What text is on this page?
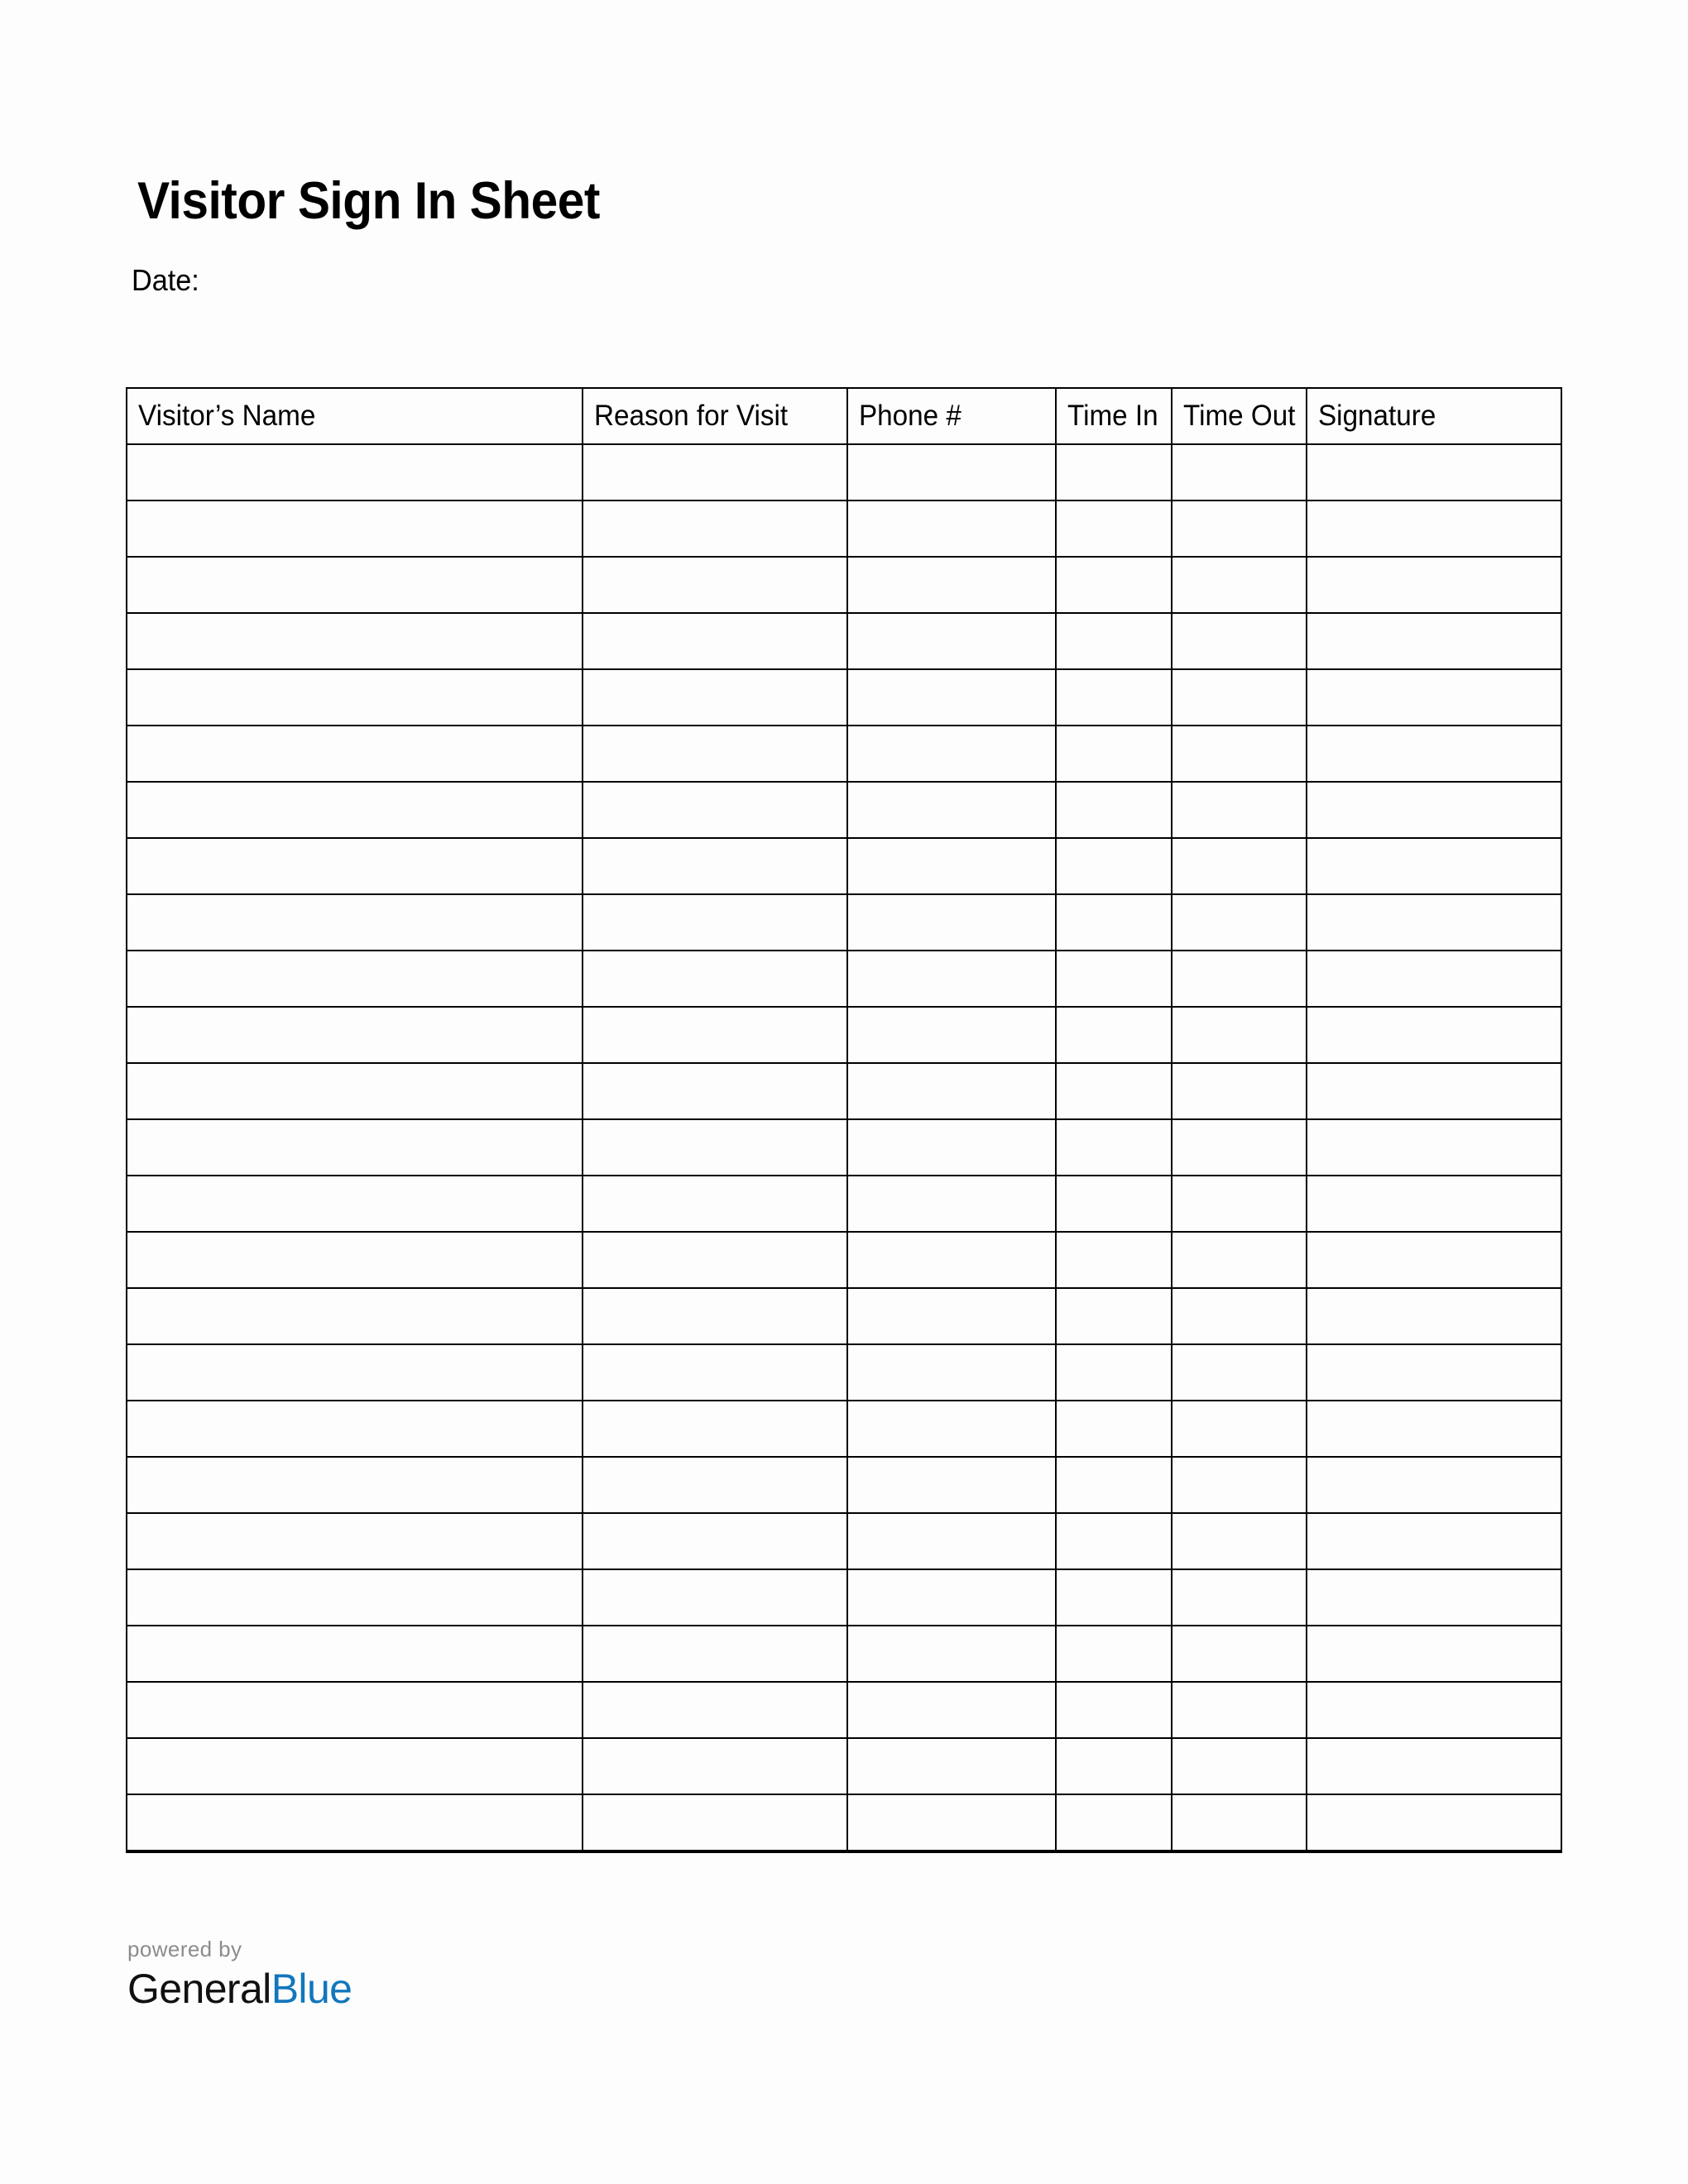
Visitor Sign In Sheet
Date:
Visitor’s Name	Reason for Visit	Phone #	Time In	Time Out	Signature

powered by
GeneralBlue
